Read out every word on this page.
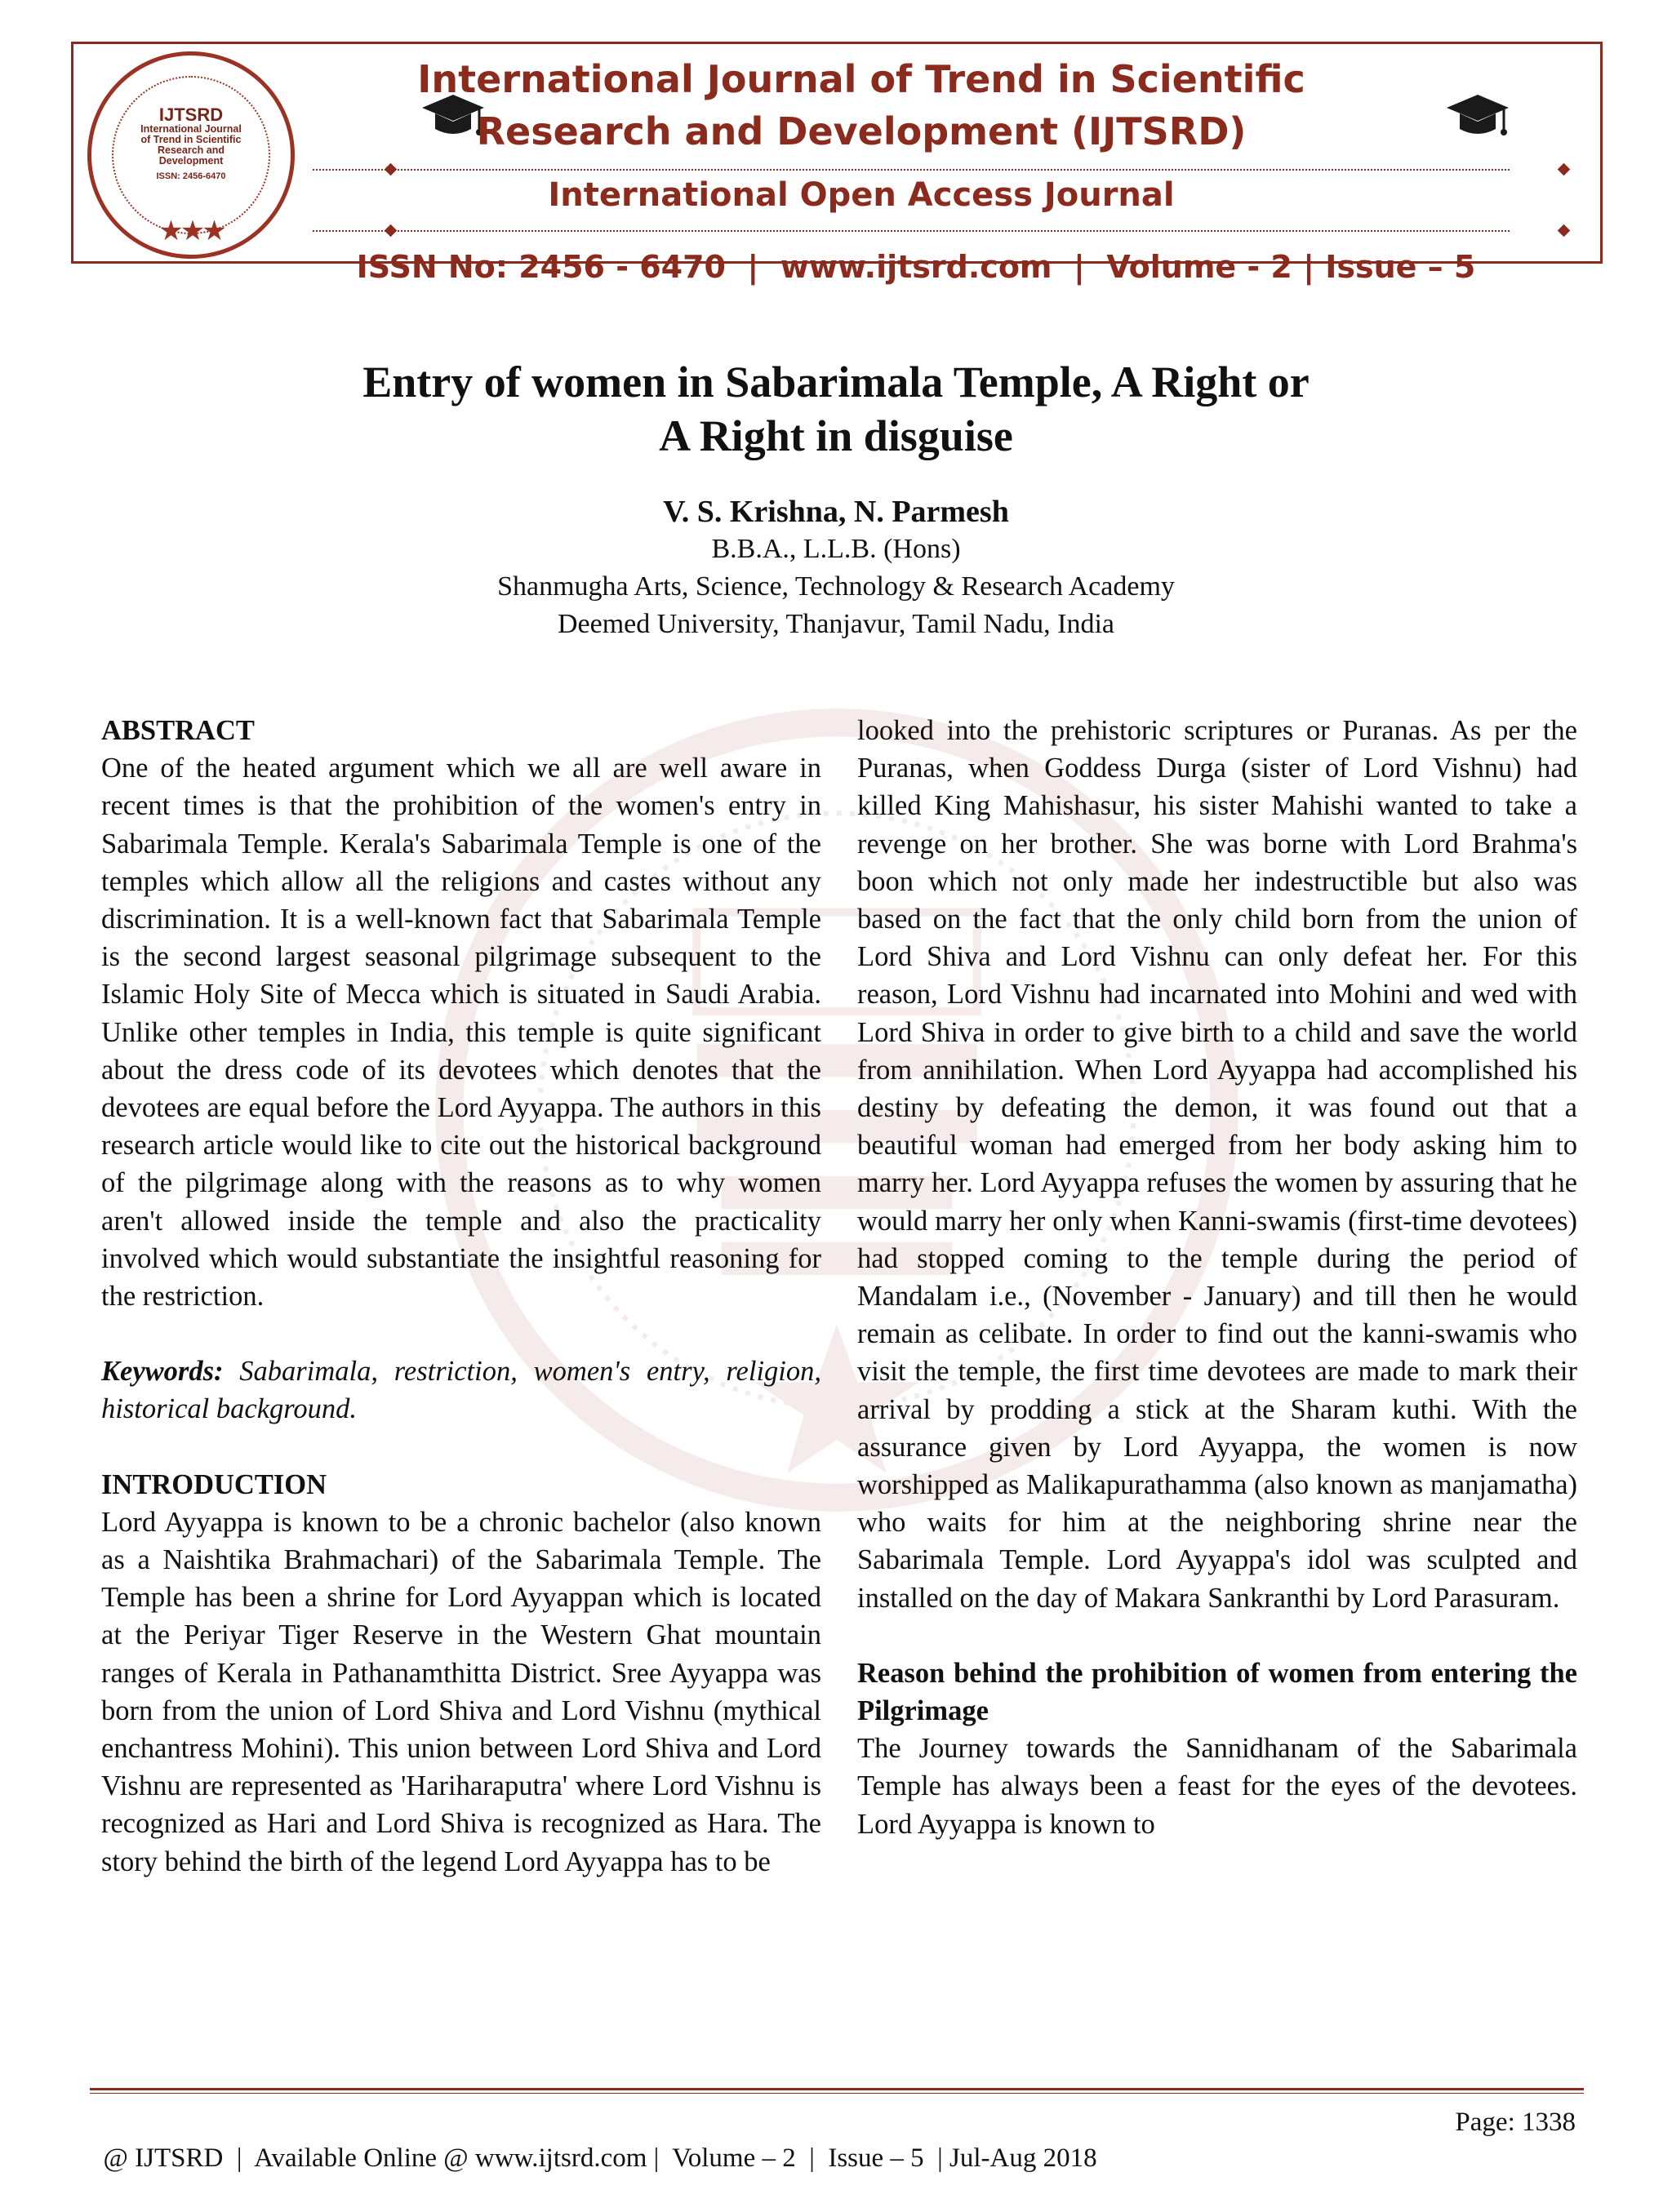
IJTSRD
International Journal
of Trend in Scientific
Research and
Development
ISSN: 2456-6470
★★★
International Journal of Trend in Scientific
Research and Development (IJTSRD)
International Open Access Journal
ISSN No: 2456 - 6470  |  www.ijtsrd.com  |  Volume - 2 | Issue – 5
Entry of women in Sabarimala Temple, A Right or
A Right in disguise
V. S. Krishna, N. Parmesh
B.B.A., L.L.B. (Hons)
Shanmugha Arts, Science, Technology & Research Academy
Deemed University, Thanjavur, Tamil Nadu, India

ABSTRACT

One of the heated argument which we all are well aware in recent times is that the prohibition of the women's entry in Sabarimala Temple. Kerala's Sabarimala Temple is one of the temples which allow all the religions and castes without any discrimination. It is a well-known fact that Sabarimala Temple is the second largest seasonal pilgrimage subsequent to the Islamic Holy Site of Mecca which is situated in Saudi Arabia. Unlike other temples in India, this temple is quite significant about the dress code of its devotees which denotes that the devotees are equal before the Lord Ayyappa. The authors in this research article would like to cite out the historical background of the pilgrimage along with the reasons as to why women aren't allowed inside the temple and also the practicality involved which would substantiate the insightful reasoning for the restriction.

Keywords: Sabarimala, restriction, women's entry, religion, historical background.

INTRODUCTION

Lord Ayyappa is known to be a chronic bachelor (also known as a Naishtika Brahmachari) of the Sabarimala Temple. The Temple has been a shrine for Lord Ayyappan which is located at the Periyar Tiger Reserve in the Western Ghat mountain ranges of Kerala in Pathanamthitta District. Sree Ayyappa was born from the union of Lord Shiva and Lord Vishnu (mythical enchantress Mohini). This union between Lord Shiva and Lord Vishnu are represented as 'Hariharaputra' where Lord Vishnu is recognized as Hari and Lord Shiva is recognized as Hara. The story behind the birth of the legend Lord Ayyappa has to be

looked into the prehistoric scriptures or Puranas. As per the Puranas, when Goddess Durga (sister of Lord Vishnu) had killed King Mahishasur, his sister Mahishi wanted to take a revenge on her brother. She was borne with Lord Brahma's boon which not only made her indestructible but also was based on the fact that the only child born from the union of Lord Shiva and Lord Vishnu can only defeat her. For this reason, Lord Vishnu had incarnated into Mohini and wed with Lord Shiva in order to give birth to a child and save the world from annihilation. When Lord Ayyappa had accomplished his destiny by defeating the demon, it was found out that a beautiful woman had emerged from her body asking him to marry her. Lord Ayyappa refuses the women by assuring that he would marry her only when Kanni-swamis (first-time devotees) had stopped coming to the temple during the period of Mandalam i.e., (November - January) and till then he would remain as celibate. In order to find out the kanni-swamis who visit the temple, the first time devotees are made to mark their arrival by prodding a stick at the Sharam kuthi. With the assurance given by Lord Ayyappa, the women is now worshipped as Malikapurathamma (also known as manjamatha) who waits for him at the neighboring shrine near the Sabarimala Temple. Lord Ayyappa's idol was sculpted and installed on the day of Makara Sankranthi by Lord Parasuram.

Reason behind the prohibition of women from entering the Pilgrimage

The Journey towards the Sannidhanam of the Sabarimala Temple has always been a feast for the eyes of the devotees. Lord Ayyappa is known to

@ IJTSRD  |  Available Online @ www.ijtsrd.com |  Volume – 2  |  Issue – 5  | Jul-Aug 2018

Page: 1338
